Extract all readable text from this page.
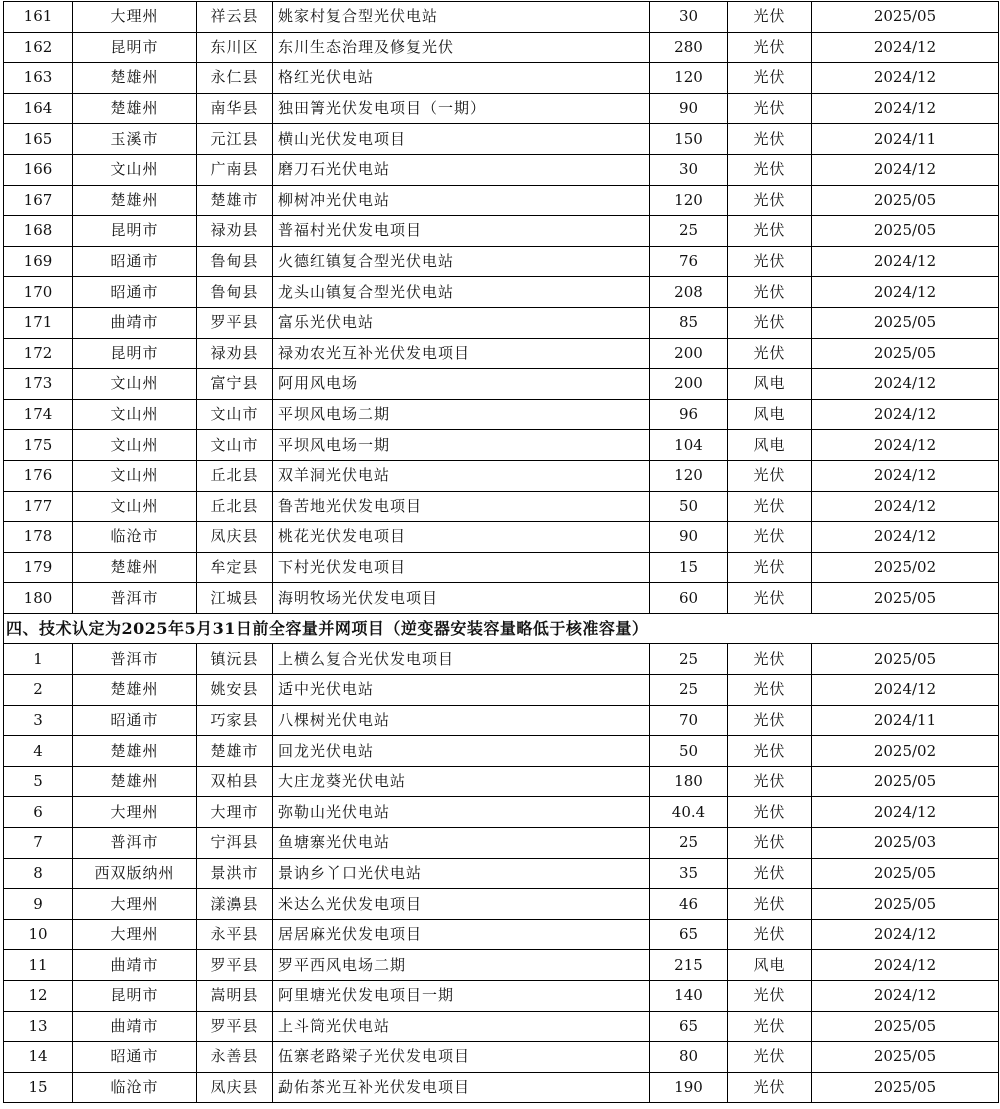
161	大理州	祥云县	姚家村复合型光伏电站	30	光伏	2025/05
162	昆明市	东川区	东川生态治理及修复光伏	280	光伏	2024/12
163	楚雄州	永仁县	格红光伏电站	120	光伏	2024/12
164	楚雄州	南华县	独田箐光伏发电项目（一期）	90	光伏	2024/12
165	玉溪市	元江县	横山光伏发电项目	150	光伏	2024/11
166	文山州	广南县	磨刀石光伏电站	30	光伏	2024/12
167	楚雄州	楚雄市	柳树冲光伏电站	120	光伏	2025/05
168	昆明市	禄劝县	普福村光伏发电项目	25	光伏	2025/05
169	昭通市	鲁甸县	火德红镇复合型光伏电站	76	光伏	2024/12
170	昭通市	鲁甸县	龙头山镇复合型光伏电站	208	光伏	2024/12
171	曲靖市	罗平县	富乐光伏电站	85	光伏	2025/05
172	昆明市	禄劝县	禄劝农光互补光伏发电项目	200	光伏	2025/05
173	文山州	富宁县	阿用风电场	200	风电	2024/12
174	文山州	文山市	平坝风电场二期	96	风电	2024/12
175	文山州	文山市	平坝风电场一期	104	风电	2024/12
176	文山州	丘北县	双羊洞光伏电站	120	光伏	2024/12
177	文山州	丘北县	鲁苦地光伏发电项目	50	光伏	2024/12
178	临沧市	凤庆县	桃花光伏发电项目	90	光伏	2024/12
179	楚雄州	牟定县	下村光伏发电项目	15	光伏	2025/02
180	普洱市	江城县	海明牧场光伏发电项目	60	光伏	2025/05
四、技术认定为2025年5月31日前全容量并网项目（逆变器安装容量略低于核准容量）						
1	普洱市	镇沅县	上横么复合光伏发电项目	25	光伏	2025/05
2	楚雄州	姚安县	适中光伏电站	25	光伏	2024/12
3	昭通市	巧家县	八棵树光伏电站	70	光伏	2024/11
4	楚雄州	楚雄市	回龙光伏电站	50	光伏	2025/02
5	楚雄州	双柏县	大庄龙葵光伏电站	180	光伏	2025/05
6	大理州	大理市	弥勒山光伏电站	40.4	光伏	2024/12
7	普洱市	宁洱县	鱼塘寨光伏电站	25	光伏	2025/03
8	西双版纳州	景洪市	景讷乡丫口光伏电站	35	光伏	2025/05
9	大理州	漾濞县	米达么光伏发电项目	46	光伏	2025/05
10	大理州	永平县	居居麻光伏发电项目	65	光伏	2024/12
11	曲靖市	罗平县	罗平西风电场二期	215	风电	2024/12
12	昆明市	嵩明县	阿里塘光伏发电项目一期	140	光伏	2024/12
13	曲靖市	罗平县	上斗筒光伏电站	65	光伏	2025/05
14	昭通市	永善县	伍寨老路梁子光伏发电项目	80	光伏	2025/05
15	临沧市	凤庆县	勐佑茶光互补光伏发电项目	190	光伏	2025/05
